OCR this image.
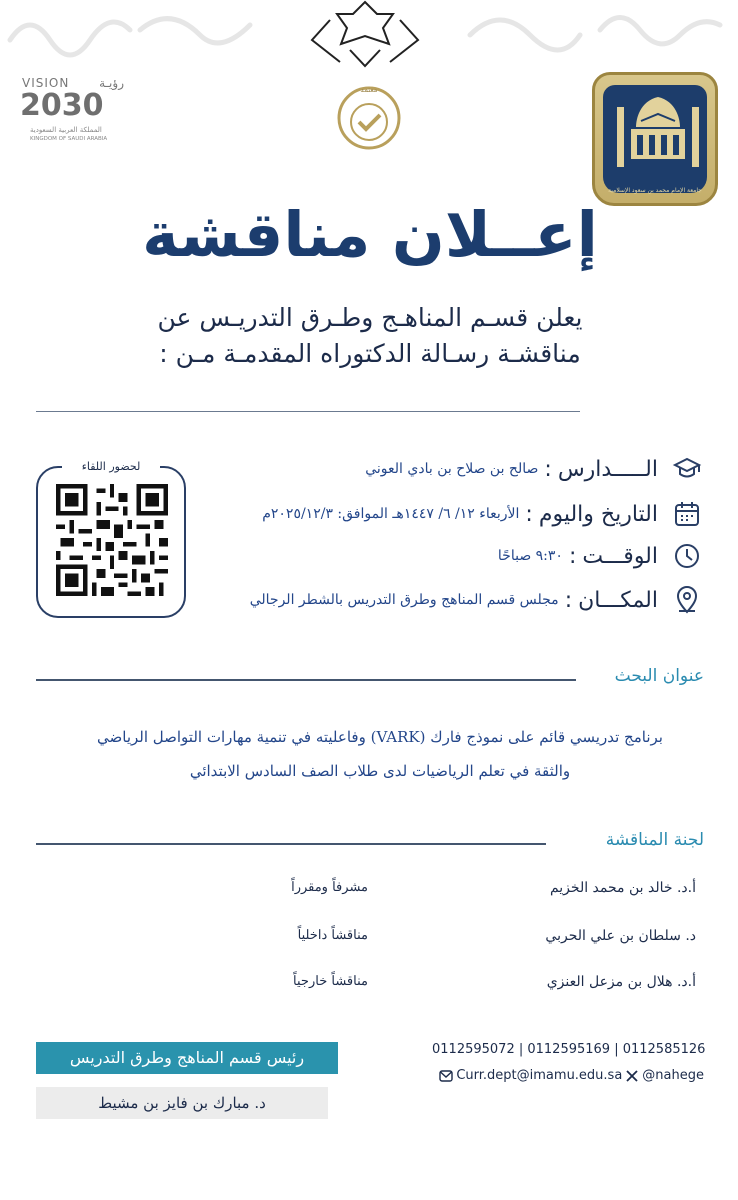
جامعة الإمام محمد بن سعود الإسلامية
معتمد
VISION رؤيـة
2030
المملكة العربية السعودية
KINGDOM OF SAUDI ARABIA
إعــلان مناقشة
يعلن قسـم المناهـج وطـرق التدريـس عن
مناقشـة رسـالة الدكتوراه المقدمـة مـن :
الـــــدارس
:
صالح بن صلاح بن بادي العوني
التاريخ واليوم
:
الأربعاء ١٢/ ٦/ ١٤٤٧هـ الموافق: ٢٠٢٥/١٢/٣م
الوقـــت
:
٩:٣٠ صباحًا
المكـــان
:
مجلس قسم المناهج وطرق التدريس بالشطر الرجالي
لحضور اللقاء
عنوان البحث
برنامج تدريسي قائم على نموذج فارك (VARK) وفاعليته في تنمية مهارات التواصل الرياضي
والثقة في تعلم الرياضيات لدى طلاب الصف السادس الابتدائي
لجنة المناقشة
أ.د. خالد بن محمد الخزيم
مشرفاً ومقرراً
د. سلطان بن علي الحربي
مناقشاً داخلياً
أ.د. هلال بن مزعل العنزي
مناقشاً خارجياً
رئيس قسم المناهج وطرق التدريس
د. مبارك بن فايز بن مشيط
0112595072 | 0112595169 | 0112585126
Curr.dept@imamu.edu.sa @nahege
